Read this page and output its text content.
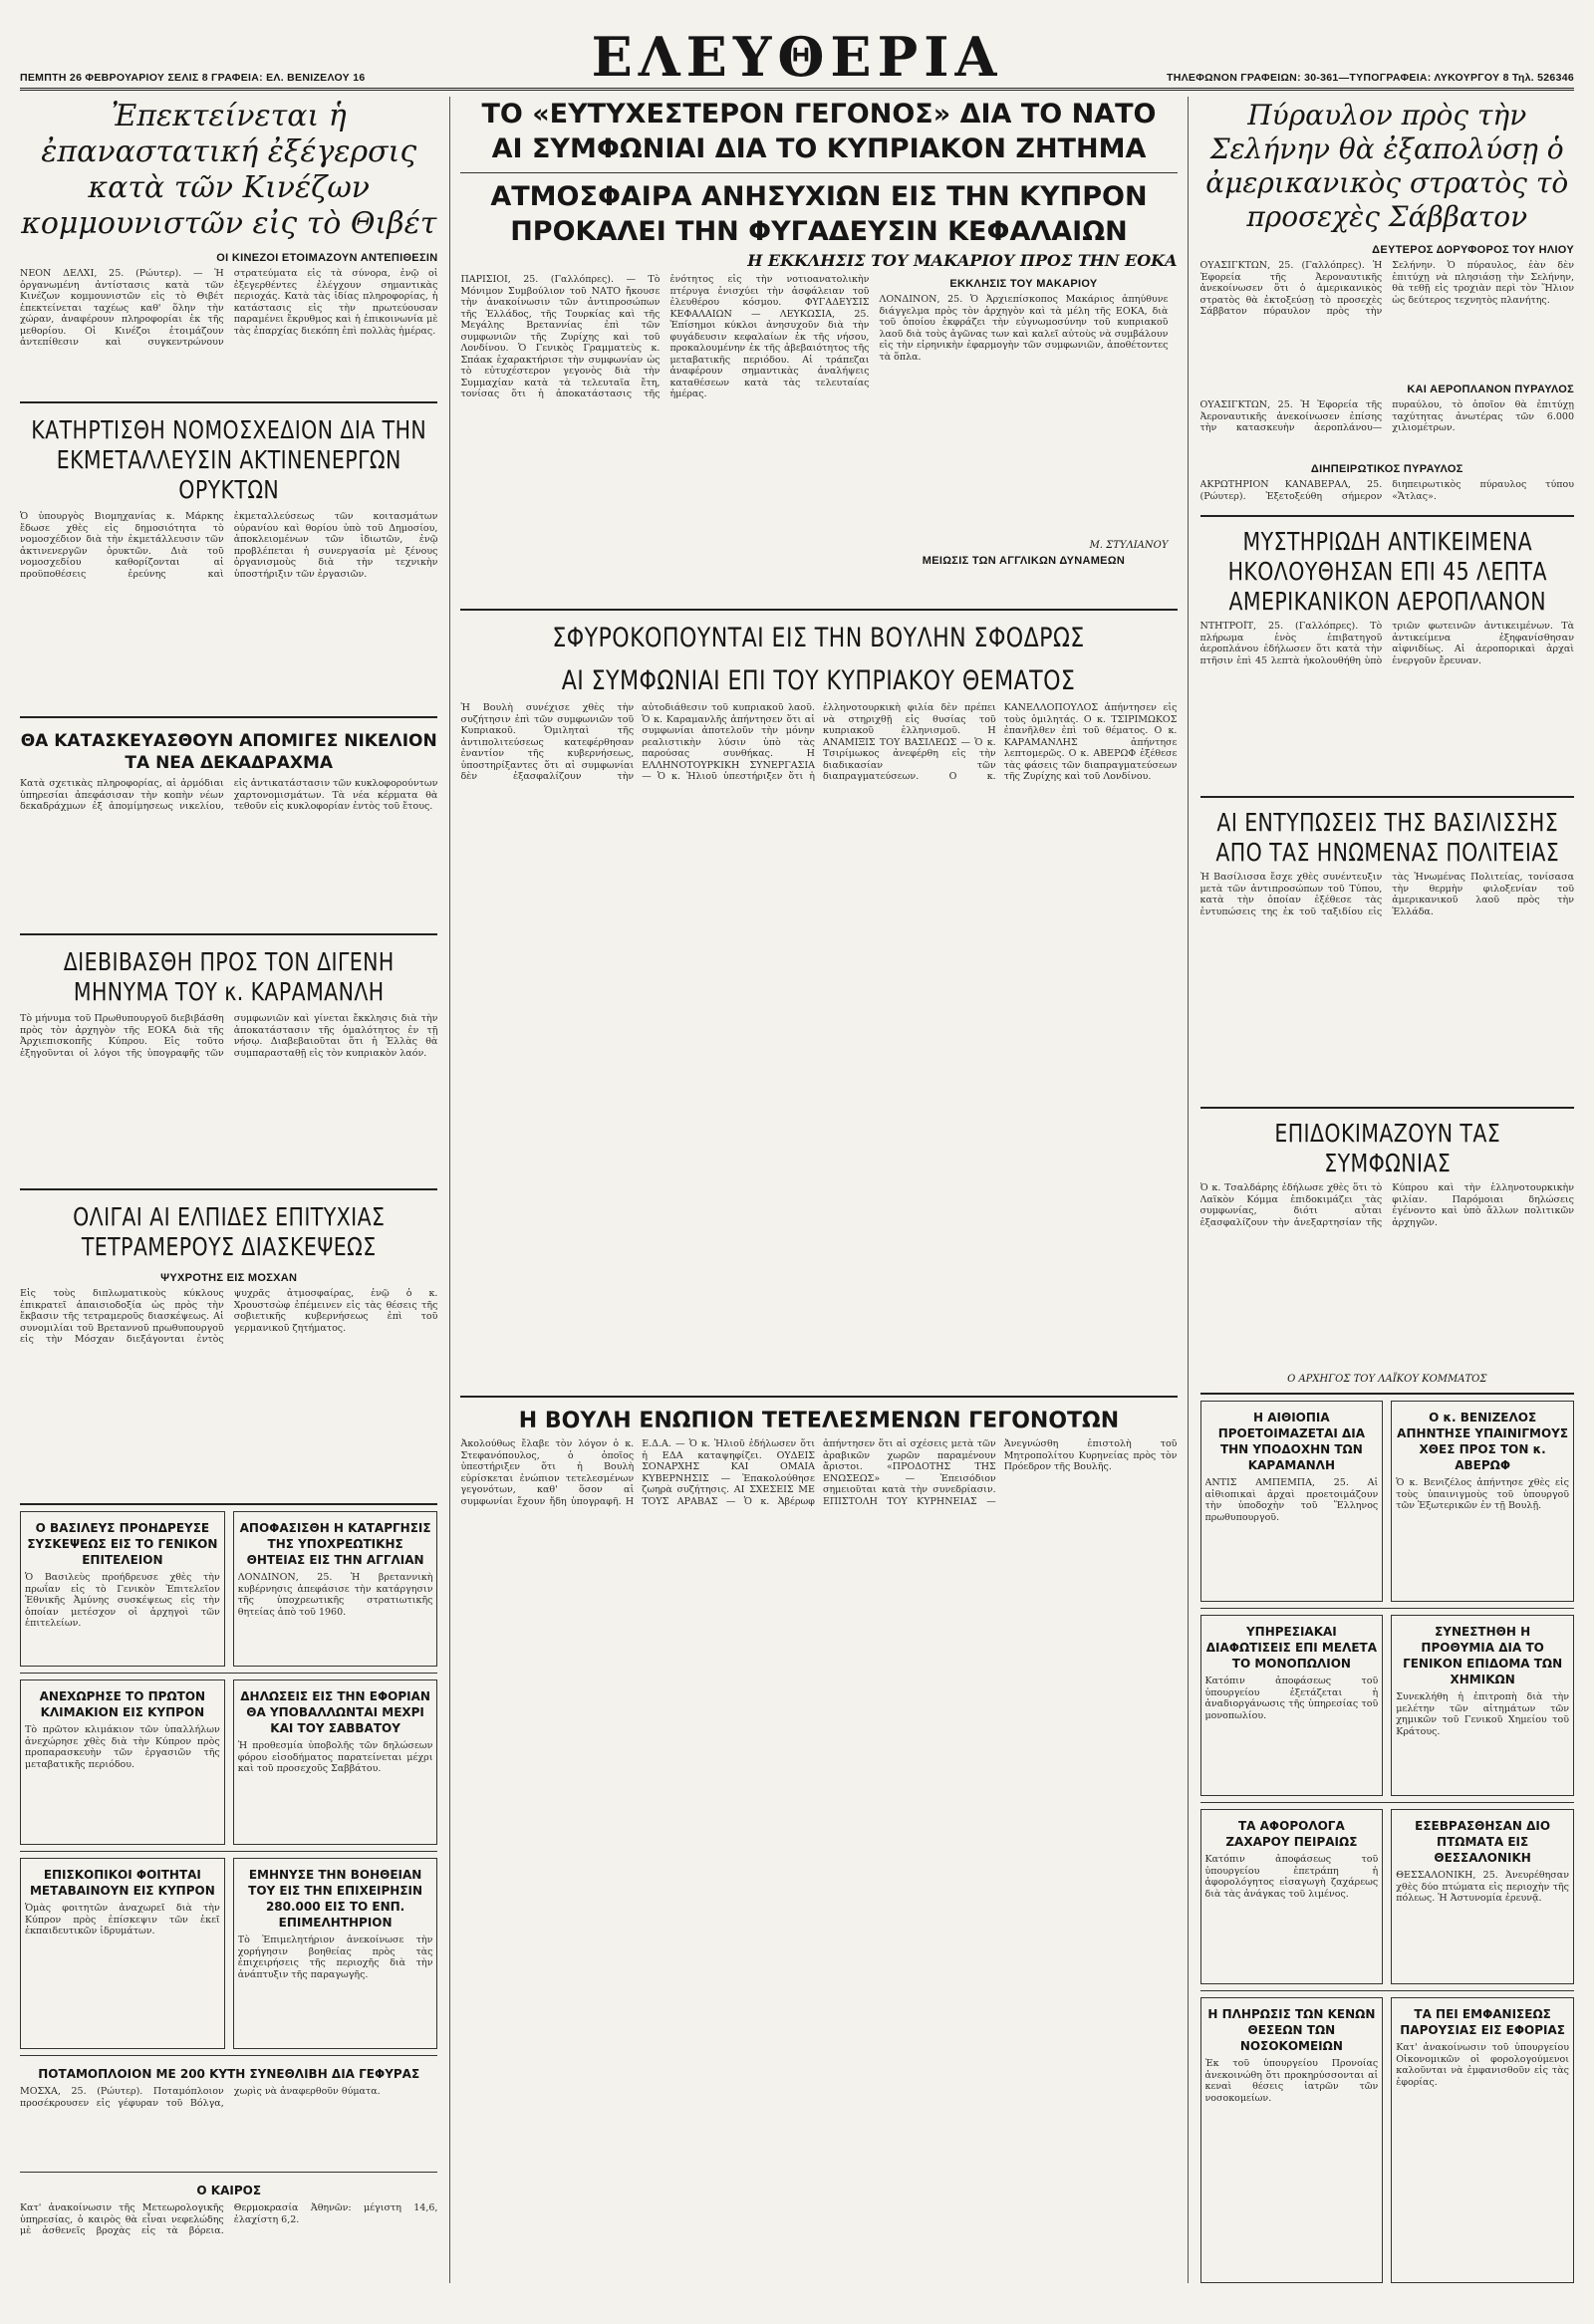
ΠΕΜΠΤΗ 26 ΦΕΒΡΟΥΑΡΙΟΥ ΣΕΛΙΣ 8 ΓΡΑΦΕΙΑ: ΕΛ. ΒΕΝΙΖΕΛΟΥ 16	ΕΛΕΥΘΕΡΙΑ	ΤΗΛΕΦΩΝΟΝ ΓΡΑΦΕΙΩΝ: 30-361—ΤΥΠΟΓΡΑΦΕΙΑ: ΛΥΚΟΥΡΓΟΥ 8 Τηλ. 526346
Ἐπεκτείνεται ἡ ἐπαναστατική ἐξέγερσις κατὰ τῶν Κινέζων κομμουνιστῶν εἰς τὸ Θιβέτ
ΟΙ ΚΙΝΕΖΟΙ ΕΤΟΙΜΑΖΟΥΝ ΑΝΤΕΠΙΘΕΣΙΝ
ΝΕΟΝ ΔΕΛΧΙ, 25. (Ρώυτερ). — Ἡ ὀργανωμένη ἀντίστασις κατὰ τῶν Κινέζων κομμουνιστῶν εἰς τὸ Θιβέτ ἐπεκτείνεται ταχέως καθ' ὅλην τὴν χώραν, ἀναφέρουν πληροφορίαι ἐκ τῆς μεθορίου. Οἱ Κινέζοι ἑτοιμάζουν ἀντεπίθεσιν καὶ συγκεντρώνουν στρατεύματα εἰς τὰ σύνορα, ἐνῷ οἱ ἐξεγερθέντες ἐλέγχουν σημαντικὰς περιοχάς. Κατὰ τὰς ἰδίας πληροφορίας, ἡ κατάστασις εἰς τὴν πρωτεύουσαν παραμένει ἔκρυθμος καὶ ἡ ἐπικοινωνία μὲ τὰς ἐπαρχίας διεκόπη ἐπὶ πολλὰς ἡμέρας.
ΚΑΤΗΡΤΙΣΘΗ ΝΟΜΟΣΧΕΔΙΟΝ ΔΙΑ ΤΗΝ ΕΚΜΕΤΑΛΛΕΥΣΙΝ ΑΚΤΙΝΕΝΕΡΓΩΝ ΟΡΥΚΤΩΝ
Ὁ ὑπουργὸς Βιομηχανίας κ. Μάρκης ἔδωσε χθὲς εἰς δημοσιότητα τὸ νομοσχέδιον διὰ τὴν ἐκμετάλλευσιν τῶν ἀκτινενεργῶν ὀρυκτῶν. Διὰ τοῦ νομοσχεδίου καθορίζονται αἱ προϋποθέσεις ἐρεύνης καὶ ἐκμεταλλεύσεως τῶν κοιτασμάτων οὐρανίου καὶ θορίου ὑπὸ τοῦ Δημοσίου, ἀποκλειομένων τῶν ἰδιωτῶν, ἐνῷ προβλέπεται ἡ συνεργασία μὲ ξένους ὀργανισμοὺς διὰ τὴν τεχνικὴν ὑποστήριξιν τῶν ἐργασιῶν.
ΘΑ ΚΑΤΑΣΚΕΥΑΣΘΟΥΝ ΑΠΟΜΙΓΕΣ ΝΙΚΕΛΙΟΝ ΤΑ ΝΕΑ ΔΕΚΑΔΡΑΧΜΑ
Κατὰ σχετικὰς πληροφορίας, αἱ ἁρμόδιαι ὑπηρεσίαι ἀπεφάσισαν τὴν κοπὴν νέων δεκαδράχμων ἐξ ἀπομίμησεως νικελίου, εἰς ἀντικατάστασιν τῶν κυκλοφορούντων χαρτονομισμάτων. Τὰ νέα κέρματα θὰ τεθοῦν εἰς κυκλοφορίαν ἐντὸς τοῦ ἔτους.
ΔΙΕΒΙΒΑΣΘΗ ΠΡΟΣ ΤΟΝ ΔΙΓΕΝΗ ΜΗΝΥΜΑ ΤΟΥ κ. ΚΑΡΑΜΑΝΛΗ
Τὸ μήνυμα τοῦ Πρωθυπουργοῦ διεβιβάσθη πρὸς τὸν ἀρχηγὸν τῆς ΕΟΚΑ διὰ τῆς Ἀρχιεπισκοπῆς Κύπρου. Εἰς τοῦτο ἐξηγοῦνται οἱ λόγοι τῆς ὑπογραφῆς τῶν συμφωνιῶν καὶ γίνεται ἔκκλησις διὰ τὴν ἀποκατάστασιν τῆς ὁμαλότητος ἐν τῇ νήσῳ. Διαβεβαιοῦται ὅτι ἡ Ἑλλὰς θὰ συμπαρασταθῇ εἰς τὸν κυπριακὸν λαόν.
ΟΛΙΓΑΙ ΑΙ ΕΛΠΙΔΕΣ ΕΠΙΤΥΧΙΑΣ ΤΕΤΡΑΜΕΡΟΥΣ ΔΙΑΣΚΕΨΕΩΣ
ΨΥΧΡΟΤΗΣ ΕΙΣ ΜΟΣΧΑΝ
Εἰς τοὺς διπλωματικοὺς κύκλους ἐπικρατεῖ ἀπαισιοδοξία ὡς πρὸς τὴν ἔκβασιν τῆς τετραμεροῦς διασκέψεως. Αἱ συνομιλίαι τοῦ Βρεταννοῦ πρωθυπουργοῦ εἰς τὴν Μόσχαν διεξάγονται ἐντὸς ψυχρᾶς ἀτμοσφαίρας, ἐνῷ ὁ κ. Χρουστσὼφ ἐπέμεινεν εἰς τὰς θέσεις τῆς σοβιετικῆς κυβερνήσεως ἐπὶ τοῦ γερμανικοῦ ζητήματος.
Ο ΒΑΣΙΛΕΥΣ ΠΡΟΗΔΡΕΥΣΕ ΣΥΣΚΕΨΕΩΣ ΕΙΣ ΤΟ ΓΕΝΙΚΟΝ ΕΠΙΤΕΛΕΙΟΝ
Ὁ Βασιλεὺς προήδρευσε χθὲς τὴν πρωΐαν εἰς τὸ Γενικὸν Ἐπιτελεῖον Ἐθνικῆς Ἀμύνης συσκέψεως εἰς τὴν ὁποίαν μετέσχον οἱ ἀρχηγοὶ τῶν ἐπιτελείων.
ΑΠΟΦΑΣΙΣΘΗ Η ΚΑΤΑΡΓΗΣΙΣ ΤΗΣ ΥΠΟΧΡΕΩΤΙΚΗΣ ΘΗΤΕΙΑΣ ΕΙΣ ΤΗΝ ΑΓΓΛΙΑΝ
ΛΟΝΔΙΝΟΝ, 25. Ἡ βρεταννικὴ κυβέρνησις ἀπεφάσισε τὴν κατάργησιν τῆς ὑποχρεωτικῆς στρατιωτικῆς θητείας ἀπὸ τοῦ 1960.
ΑΝΕΧΩΡΗΣΕ ΤΟ ΠΡΩΤΟΝ ΚΛΙΜΑΚΙΟΝ ΕΙΣ ΚΥΠΡΟΝ
Τὸ πρῶτον κλιμάκιον τῶν ὑπαλλήλων ἀνεχώρησε χθὲς διὰ τὴν Κύπρον πρὸς προπαρασκευὴν τῶν ἐργασιῶν τῆς μεταβατικῆς περιόδου.
ΔΗΛΩΣΕΙΣ ΕΙΣ ΤΗΝ ΕΦΟΡΙΑΝ ΘΑ ΥΠΟΒΑΛΛΩΝΤΑΙ ΜΕΧΡΙ ΚΑΙ ΤΟΥ ΣΑΒΒΑΤΟΥ
Ἡ προθεσμία ὑποβολῆς τῶν δηλώσεων φόρου εἰσοδήματος παρατείνεται μέχρι καὶ τοῦ προσεχοῦς Σαββάτου.
ΕΠΙΣΚΟΠΙΚΟΙ ΦΟΙΤΗΤΑΙ ΜΕΤΑΒΑΙΝΟΥΝ ΕΙΣ ΚΥΠΡΟΝ
Ὁμὰς φοιτητῶν ἀναχωρεῖ διὰ τὴν Κύπρον πρὸς ἐπίσκεψιν τῶν ἐκεῖ ἐκπαιδευτικῶν ἱδρυμάτων.
ΕΜΗΝΥΣΕ ΤΗΝ ΒΟΗΘΕΙΑΝ ΤΟΥ ΕΙΣ ΤΗΝ ΕΠΙΧΕΙΡΗΣΙΝ 280.000 ΕΙΣ ΤΟ ΕΝΠ. ΕΠΙΜΕΛΗΤΗΡΙΟΝ
Τὸ Ἐπιμελητήριον ἀνεκοίνωσε τὴν χορήγησιν βοηθείας πρὸς τὰς ἐπιχειρήσεις τῆς περιοχῆς διὰ τὴν ἀνάπτυξιν τῆς παραγωγῆς.
ΠΟΤΑΜΟΠΛΟΙΟΝ ΜΕ 200 ΚΥΤΗ ΣΥΝΕΘΛΙΒΗ ΔΙΑ ΓΕΦΥΡΑΣ
ΜΟΣΧΑ, 25. (Ρώυτερ). Ποταμόπλοιον προσέκρουσεν εἰς γέφυραν τοῦ Βόλγα, χωρὶς νὰ ἀναφερθοῦν θύματα.
Ο ΚΑΙΡΟΣ
Κατ' ἀνακοίνωσιν τῆς Μετεωρολογικῆς ὑπηρεσίας, ὁ καιρὸς θὰ εἶναι νεφελώδης μὲ ἀσθενεῖς βροχὰς εἰς τὰ βόρεια. Θερμοκρασία Ἀθηνῶν: μέγιστη 14,6, ἐλαχίστη 6,2.
ΤΟ «ΕΥΤΥΧΕΣΤΕΡΟΝ ΓΕΓΟΝΟΣ» ΔΙΑ ΤΟ ΝΑΤΟ
ΑΙ ΣΥΜΦΩΝΙΑΙ ΔΙΑ ΤΟ ΚΥΠΡΙΑΚΟΝ ΖΗΤΗΜΑ
ΑΤΜΟΣΦΑΙΡΑ ΑΝΗΣΥΧΙΩΝ ΕΙΣ ΤΗΝ ΚΥΠΡΟΝ
ΠΡΟΚΑΛΕΙ ΤΗΝ ΦΥΓΑΔΕΥΣΙΝ ΚΕΦΑΛΑΙΩΝ
Η ΕΚΚΛΗΣΙΣ ΤΟΥ ΜΑΚΑΡΙΟΥ ΠΡΟΣ ΤΗΝ ΕΟΚΑ
ΠΑΡΙΣΙΟΙ, 25. (Γαλλόπρες). — Τὸ Μόνιμον Συμβούλιον τοῦ ΝΑΤΟ ἤκουσε τὴν ἀνακοίνωσιν τῶν ἀντιπροσώπων τῆς Ἑλλάδος, τῆς Τουρκίας καὶ τῆς Μεγάλης Βρεταννίας ἐπὶ τῶν συμφωνιῶν τῆς Ζυρίχης καὶ τοῦ Λονδίνου. Ὁ Γενικὸς Γραμματεὺς κ. Σπάακ ἐχαρακτήρισε τὴν συμφωνίαν ὡς τὸ εὐτυχέστερον γεγονὸς διὰ τὴν Συμμαχίαν κατὰ τὰ τελευταῖα ἔτη, τονίσας ὅτι ἡ ἀποκατάστασις τῆς ἑνότητος εἰς τὴν νοτιοανατολικὴν πτέρυγα ἐνισχύει τὴν ἀσφάλειαν τοῦ ἐλευθέρου κόσμου. ΦΥΓΑΔΕΥΣΙΣ ΚΕΦΑΛΑΙΩΝ — ΛΕΥΚΩΣΙΑ, 25. Ἐπίσημοι κύκλοι ἀνησυχοῦν διὰ τὴν φυγάδευσιν κεφαλαίων ἐκ τῆς νήσου, προκαλουμένην ἐκ τῆς ἀβεβαιότητος τῆς μεταβατικῆς περιόδου. Αἱ τράπεζαι ἀναφέρουν σημαντικὰς ἀναλήψεις καταθέσεων κατὰ τὰς τελευταίας ἡμέρας.
ΕΚΚΛΗΣΙΣ ΤΟΥ ΜΑΚΑΡΙΟΥ
ΛΟΝΔΙΝΟΝ, 25. Ὁ Ἀρχιεπίσκοπος Μακάριος ἀπηύθυνε διάγγελμα πρὸς τὸν ἀρχηγὸν καὶ τὰ μέλη τῆς ΕΟΚΑ, διὰ τοῦ ὁποίου ἐκφράζει τὴν εὐγνωμοσύνην τοῦ κυπριακοῦ λαοῦ διὰ τοὺς ἀγῶνας των καὶ καλεῖ αὐτοὺς νὰ συμβάλουν εἰς τὴν εἰρηνικὴν ἐφαρμογὴν τῶν συμφωνιῶν, ἀποθέτοντες τὰ ὅπλα.
Μ. ΣΤΥΛΙΑΝΟΥ
ΜΕΙΩΣΙΣ ΤΩΝ ΑΓΓΛΙΚΩΝ ΔΥΝΑΜΕΩΝ
ΣΦΥΡΟΚΟΠΟΥΝΤΑΙ ΕΙΣ ΤΗΝ ΒΟΥΛΗΝ ΣΦΟΔΡΩΣ
ΑΙ ΣΥΜΦΩΝΙΑΙ ΕΠΙ ΤΟΥ ΚΥΠΡΙΑΚΟΥ ΘΕΜΑΤΟΣ
Ἡ Βουλὴ συνέχισε χθὲς τὴν συζήτησιν ἐπὶ τῶν συμφωνιῶν τοῦ Κυπριακοῦ. Ὁμιληταὶ τῆς ἀντιπολιτεύσεως κατεφέρθησαν ἐναντίον τῆς κυβερνήσεως, ὑποστηρίξαντες ὅτι αἱ συμφωνίαι δὲν ἐξασφαλίζουν τὴν αὐτοδιάθεσιν τοῦ κυπριακοῦ λαοῦ. Ὁ κ. Καραμανλῆς ἀπήντησεν ὅτι αἱ συμφωνίαι ἀποτελοῦν τὴν μόνην ρεαλιστικὴν λύσιν ὑπὸ τὰς παρούσας συνθήκας. Η ΕΛΛΗΝΟΤΟΥΡΚΙΚΗ ΣΥΝΕΡΓΑΣΙΑ — Ὁ κ. Ἠλιοῦ ὑπεστήριξεν ὅτι ἡ ἑλληνοτουρκικὴ φιλία δὲν πρέπει νὰ στηριχθῇ εἰς θυσίας τοῦ κυπριακοῦ ἑλληνισμοῦ. Η ΑΝΑΜΙΞΙΣ ΤΟΥ ΒΑΣΙΛΕΩΣ — Ὁ κ. Τσιρίμωκος ἀνεφέρθη εἰς τὴν διαδικασίαν τῶν διαπραγματεύσεων. Ο κ. ΚΑΝΕΛΛΟΠΟΥΛΟΣ ἀπήντησεν εἰς τοὺς ὁμιλητάς. Ο κ. ΤΣΙΡΙΜΩΚΟΣ ἐπανῆλθεν ἐπὶ τοῦ θέματος. Ο κ. ΚΑΡΑΜΑΝΛΗΣ ἀπήντησε λεπτομερῶς. Ο κ. ΑΒΕΡΩΦ ἐξέθεσε τὰς φάσεις τῶν διαπραγματεύσεων τῆς Ζυρίχης καὶ τοῦ Λονδίνου.
Η ΒΟΥΛΗ ΕΝΩΠΙΟΝ ΤΕΤΕΛΕΣΜΕΝΩΝ ΓΕΓΟΝΟΤΩΝ
Ἀκολούθως ἔλαβε τὸν λόγον ὁ κ. Στεφανόπουλος, ὁ ὁποῖος ὑπεστήριξεν ὅτι ἡ Βουλὴ εὑρίσκεται ἐνώπιον τετελεσμένων γεγονότων, καθ' ὅσον αἱ συμφωνίαι ἔχουν ἤδη ὑπογραφῆ. Η Ε.Δ.Α. — Ὁ κ. Ἠλιοῦ ἐδήλωσεν ὅτι ἡ ΕΔΑ καταψηφίζει. ΟΥΔΕΙΣ ΣΟΝΑΡΧΗΣ ΚΑΙ ΟΜΑΙΑ ΚΥΒΕΡΝΗΣΙΣ — Ἐπακολούθησε ζωηρὰ συζήτησις. ΑΙ ΣΧΕΣΕΙΣ ΜΕ ΤΟΥΣ ΑΡΑΒΑΣ — Ὁ κ. Ἀβέρωφ ἀπήντησεν ὅτι αἱ σχέσεις μετὰ τῶν ἀραβικῶν χωρῶν παραμένουν ἄριστοι. «ΠΡΟΔΟΤΗΣ ΤΗΣ ΕΝΩΣΕΩΣ» — Ἐπεισόδιον σημειοῦται κατὰ τὴν συνεδρίασιν. ΕΠΙΣΤΟΛΗ ΤΟΥ ΚΥΡΗΝΕΙΑΣ — Ἀνεγνώσθη ἐπιστολὴ τοῦ Μητροπολίτου Κυρηνείας πρὸς τὸν Πρόεδρον τῆς Βουλῆς.
Πύραυλον πρὸς τὴν Σελήνην θὰ ἐξαπολύσῃ ὁ ἀμερικανικὸς στρατὸς τὸ προσεχὲς Σάββατον
ΔΕΥΤΕΡΟΣ ΔΟΡΥΦΟΡΟΣ ΤΟΥ ΗΛΙΟΥ
ΟΥΑΣΙΓΚΤΩΝ, 25. (Γαλλόπρες). Ἡ Ἐφορεία τῆς Ἀεροναυτικῆς ἀνεκοίνωσεν ὅτι ὁ ἀμερικανικὸς στρατὸς θὰ ἐκτοξεύσῃ τὸ προσεχὲς Σάββατον πύραυλον πρὸς τὴν Σελήνην. Ὁ πύραυλος, ἐὰν δὲν ἐπιτύχῃ νὰ πλησιάσῃ τὴν Σελήνην, θὰ τεθῇ εἰς τροχιὰν περὶ τὸν Ἥλιον ὡς δεύτερος τεχνητὸς πλανήτης.
ΚΑΙ ΑΕΡΟΠΛΑΝΟΝ ΠΥΡΑΥΛΟΣ
ΟΥΑΣΙΓΚΤΩΝ, 25. Ἡ Ἐφορεία τῆς Ἀεροναυτικῆς ἀνεκοίνωσεν ἐπίσης τὴν κατασκευὴν ἀεροπλάνου—πυραύλου, τὸ ὁποῖον θὰ ἐπιτύχῃ ταχύτητας ἀνωτέρας τῶν 6.000 χιλιομέτρων.
ΔΙΗΠΕΙΡΩΤΙΚΟΣ ΠΥΡΑΥΛΟΣ
ΑΚΡΩΤΗΡΙΟΝ ΚΑΝΑΒΕΡΑΛ, 25. (Ρώυτερ). Ἐξετοξεύθη σήμερον διηπειρωτικὸς πύραυλος τύπου «Ἄτλας».
ΜΥΣΤΗΡΙΩΔΗ ΑΝΤΙΚΕΙΜΕΝΑ ΗΚΟΛΟΥΘΗΣΑΝ ΕΠΙ 45 ΛΕΠΤΑ ΑΜΕΡΙΚΑΝΙΚΟΝ ΑΕΡΟΠΛΑΝΟΝ
ΝΤΗΤΡΟΪΤ, 25. (Γαλλόπρες). Τὸ πλήρωμα ἑνὸς ἐπιβατηγοῦ ἀεροπλάνου ἐδήλωσεν ὅτι κατὰ τὴν πτῆσιν ἐπὶ 45 λεπτὰ ἠκολουθήθη ὑπὸ τριῶν φωτεινῶν ἀντικειμένων. Τὰ ἀντικείμενα ἐξηφανίσθησαν αἰφνιδίως. Αἱ ἀεροπορικαὶ ἀρχαὶ ἐνεργοῦν ἔρευναν.
ΑΙ ΕΝΤΥΠΩΣΕΙΣ ΤΗΣ ΒΑΣΙΛΙΣΣΗΣ ΑΠΟ ΤΑΣ ΗΝΩΜΕΝΑΣ ΠΟΛΙΤΕΙΑΣ
Ἡ Βασίλισσα ἔσχε χθὲς συνέντευξιν μετὰ τῶν ἀντιπροσώπων τοῦ Τύπου, κατὰ τὴν ὁποίαν ἐξέθεσε τὰς ἐντυπώσεις της ἐκ τοῦ ταξιδίου εἰς τὰς Ἡνωμένας Πολιτείας, τονίσασα τὴν θερμὴν φιλοξενίαν τοῦ ἀμερικανικοῦ λαοῦ πρὸς τὴν Ἑλλάδα.
ΕΠΙΔΟΚΙΜΑΖΟΥΝ ΤΑΣ ΣΥΜΦΩΝΙΑΣ
Ὁ κ. Τσαλδάρης ἐδήλωσε χθὲς ὅτι τὸ Λαϊκὸν Κόμμα ἐπιδοκιμάζει τὰς συμφωνίας, διότι αὗται ἐξασφαλίζουν τὴν ἀνεξαρτησίαν τῆς Κύπρου καὶ τὴν ἑλληνοτουρκικὴν φιλίαν. Παρόμοιαι δηλώσεις ἐγένοντο καὶ ὑπὸ ἄλλων πολιτικῶν ἀρχηγῶν.
Ο ΑΡΧΗΓΟΣ ΤΟΥ ΛΑΪΚΟΥ ΚΟΜΜΑΤΟΣ
Η ΑΙΘΙΟΠΙΑ ΠΡΟΕΤΟΙΜΑΖΕΤΑΙ ΔΙΑ ΤΗΝ ΥΠΟΔΟΧΗΝ ΤΩΝ ΚΑΡΑΜΑΝΛΗ
ΑΝΤΙΣ ΑΜΠΕΜΠΑ, 25. Αἱ αἰθιοπικαὶ ἀρχαὶ προετοιμάζουν τὴν ὑποδοχὴν τοῦ Ἕλληνος πρωθυπουργοῦ.
Ο κ. ΒΕΝΙΖΕΛΟΣ ΑΠΗΝΤΗΣΕ ΥΠΑΙΝΙΓΜΟΥΣ ΧΘΕΣ ΠΡΟΣ ΤΟΝ κ. ΑΒΕΡΩΦ
Ὁ κ. Βενιζέλος ἀπήντησε χθὲς εἰς τοὺς ὑπαινιγμοὺς τοῦ ὑπουργοῦ τῶν Ἐξωτερικῶν ἐν τῇ Βουλῇ.
ΥΠΗΡΕΣΙΑΚΑΙ ΔΙΑΦΩΤΙΣΕΙΣ ΕΠΙ ΜΕΛΕΤΑ ΤΟ ΜΟΝΟΠΩΛΙΟΝ
Κατόπιν ἀποφάσεως τοῦ ὑπουργείου ἐξετάζεται ἡ ἀναδιοργάνωσις τῆς ὑπηρεσίας τοῦ μονοπωλίου.
ΣΥΝΕΣΤΗΘΗ Η ΠΡΟΘΥΜΙΑ ΔΙΑ ΤΟ ΓΕΝΙΚΟΝ ΕΠΙΔΟΜΑ ΤΩΝ ΧΗΜΙΚΩΝ
Συνεκλήθη ἡ ἐπιτροπὴ διὰ τὴν μελέτην τῶν αἰτημάτων τῶν χημικῶν τοῦ Γενικοῦ Χημείου τοῦ Κράτους.
ΤΑ ΑΦΟΡΟΛΟΓΑ ΖΑΧΑΡΟΥ ΠΕΙΡΑΙΩΣ
Κατόπιν ἀποφάσεως τοῦ ὑπουργείου ἐπετράπη ἡ ἀφορολόγητος εἰσαγωγὴ ζαχάρεως διὰ τὰς ἀνάγκας τοῦ λιμένος.
ΕΣΕΒΡΑΣΘΗΣΑΝ ΔΙΟ ΠΤΩΜΑΤΑ ΕΙΣ ΘΕΣΣΑΛΟΝΙΚΗ
ΘΕΣΣΑΛΟΝΙΚΗ, 25. Ἀνευρέθησαν χθὲς δύο πτώματα εἰς περιοχὴν τῆς πόλεως. Ἡ Ἀστυνομία ἐρευνᾷ.
Η ΠΛΗΡΩΣΙΣ ΤΩΝ ΚΕΝΩΝ ΘΕΣΕΩΝ ΤΩΝ ΝΟΣΟΚΟΜΕΙΩΝ
Ἐκ τοῦ ὑπουργείου Προνοίας ἀνεκοινώθη ὅτι προκηρύσσονται αἱ κεναὶ θέσεις ἰατρῶν τῶν νοσοκομείων.
ΤΑ ΠΕΙ ΕΜΦΑΝΙΣΕΩΣ ΠΑΡΟΥΣΙΑΣ ΕΙΣ ΕΦΟΡΙΑΣ
Κατ' ἀνακοίνωσιν τοῦ ὑπουργείου Οἰκονομικῶν οἱ φορολογούμενοι καλοῦνται νὰ ἐμφανισθοῦν εἰς τὰς ἐφορίας.
